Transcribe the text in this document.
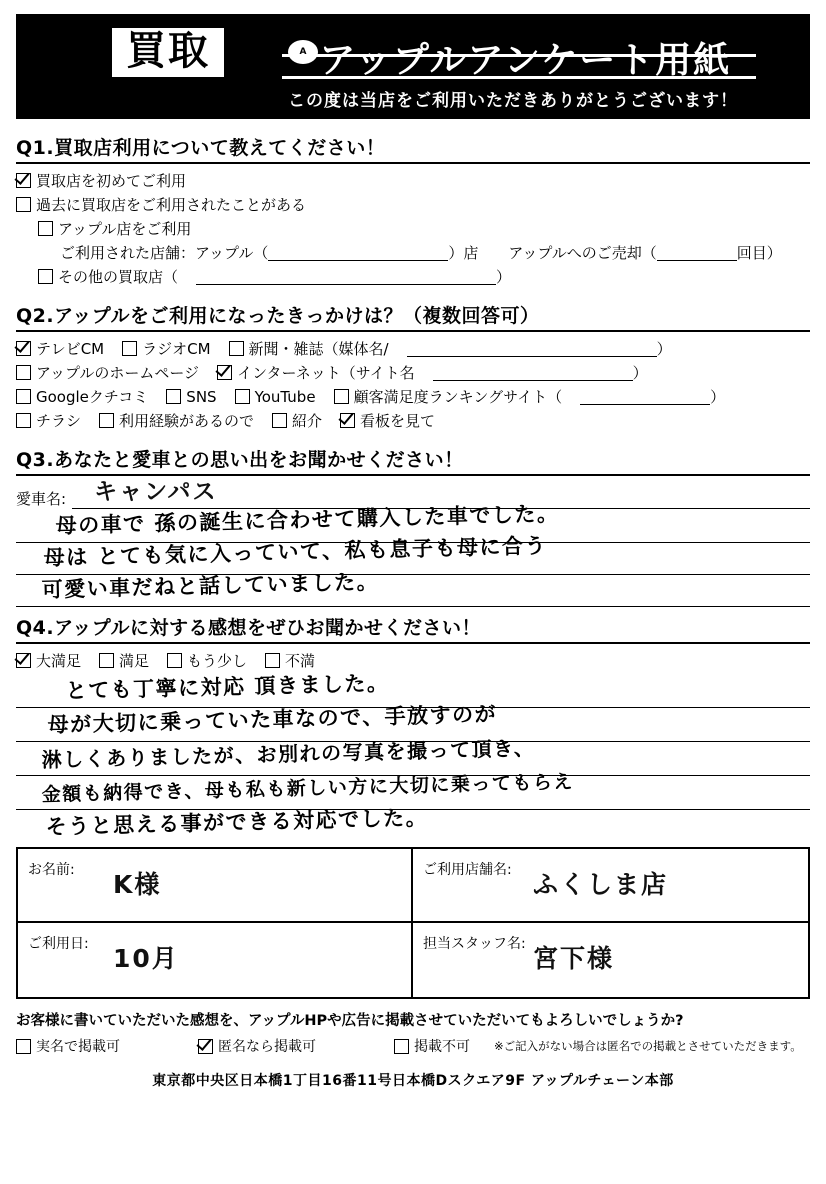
買取	アップルアンケート用紙
A
この度は当店をご利用いただきありがとうございます！
Q1.買取店利用について教えてください！
買取店を初めてご利用
過去に買取店をご利用されたことがある
アップル店をご利用
ご利用された店舗：アップル（	）店 アップルへのご売却（	回目）
その他の買取店（	）
Q2.アップルをご利用になったきっかけは？（複数回答可）
テレビCM	ラジオCM	新聞・雑誌（媒体名/	）
アップルのホームページ	インターネット（サイト名	）
Googleクチコミ	SNS	YouTube	顧客満足度ランキングサイト（	）
チラシ	利用経験があるので	紹介	看板を見て
Q3.あなたと愛車との思い出をお聞かせください！
愛車名: キャンパス
母の車で 孫の誕生に合わせて購入した車でした。
母は とても気に入っていて、私も息子も母に合う
可愛い車だねと話していました。
Q4.アップルに対する感想をぜひお聞かせください！
大満足	満足	もう少し	不満
とても丁寧に対応 頂きました。
母が大切に乗っていた車なので、手放すのが
淋しくありましたが、お別れの写真を撮って頂き、
金額も納得でき、母も私も新しい方に大切に乗ってもらえ
そうと思える事ができる対応でした。
お名前: K様	ご利用店舗名: ふくしま店
ご利用日: 10月	担当スタッフ名: 宮下様
お客様に書いていただいた感想を、アップルHPや広告に掲載させていただいてもよろしいでしょうか?
実名で掲載可	匿名なら掲載可	掲載不可 ※ご記入がない場合は匿名での掲載とさせていただきます。
東京都中央区日本橋1丁目16番11号日本橋Dスクエア9F アップルチェーン本部
